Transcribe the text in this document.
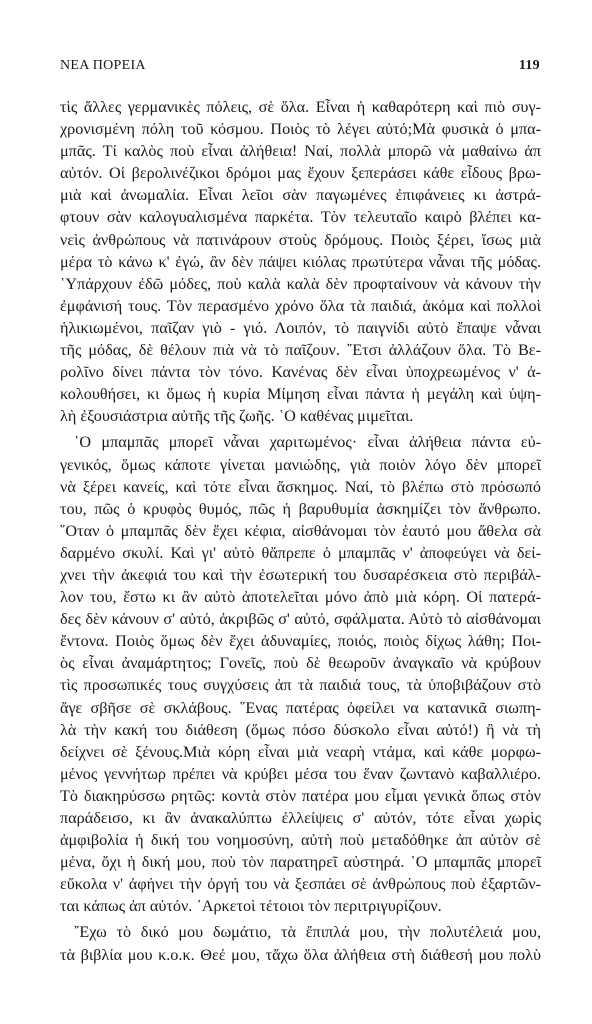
ΝΕΑ ΠΟΡΕΙΑ	119
τὶς ἄλλες γερμανικὲς πόλεις, σὲ ὅλα. Εἶναι ἡ καθαρότερη καὶ πιὸ συγ-
χρονισμένη πόλη τοῦ κόσμου. Ποιὸς τὸ λέγει αὐτό;Μὰ φυσικὰ ὁ μπα-
μπᾶς. Τί καλὸς ποὺ εἶναι ἀλήθεια! Ναί, πολλὰ μπορῶ νὰ μαθαίνω ἀπ
αὐτόν. Οἱ βερολινέζικοι δρόμοι μας ἔχουν ξεπεράσει κάθε εἶδους βρω-
μιὰ καὶ ἀνωμαλία. Εἶναι λεῖοι σὰν παγωμένες ἐπιφάνειες κι ἀστρά-
φτουν σὰν καλογυαλισμένα παρκέτα. Τὸν τελευταῖο καιρὸ βλέπει κα-
νεὶς ἀνθρώπους νὰ πατινάρουν στοὺς δρόμους. Ποιὸς ξέρει, ἴσως μιὰ
μέρα τὸ κάνω κ' ἐγώ, ἂν δὲν πάψει κιόλας πρωτύτερα νἆναι τῆς μόδας.
῾Υπάρχουν ἐδῶ μόδες, ποὺ καλὰ καλὰ δὲν προφταίνουν νὰ κάνουν τὴν
ἐμφάνισή τους. Τὸν περασμένο χρόνο ὅλα τὰ παιδιά, ἀκόμα καὶ πολλοὶ
ἡλικιωμένοι, παῖζαν γιὸ - γιό. Λοιπόν, τὸ παιγνίδι αὐτὸ ἔπαψε νἆναι
τῆς μόδας, δὲ θέλουν πιὰ νὰ τὸ παῖζουν. ῎Ετσι ἀλλάζουν ὅλα. Τὸ Βε-
ρολῖνο δίνει πάντα τὸν τόνο. Κανένας δὲν εἶναι ὑποχρεωμένος ν' ἀ-
κολουθήσει, κι ὅμως ἡ κυρία Μίμηση εἶναι πάντα ἡ μεγάλη καὶ ὑψη-
λὴ ἐξουσιάστρια αὐτῆς τῆς ζωῆς. ῾Ο καθένας μιμεῖται.
῾Ο μπαμπᾶς μπορεῖ νἆναι χαριτωμένος· εἶναι ἀλήθεια πάντα εὐ-
γενικός, ὅμως κάποτε γίνεται μανιώδης, γιὰ ποιὸν λόγο δὲν μπορεῖ
νὰ ξέρει κανείς, καὶ τότε εἶναι ἄσκημος. Ναί, τὸ βλέπω στὸ πρόσωπό
του, πῶς ὁ κρυφὸς θυμός, πῶς ἡ βαρυθυμία ἀσκημίζει τὸν ἄνθρωπο.
῞Οταν ὁ μπαμπᾶς δὲν ἔχει κέφια, αἰσθάνομαι τὸν ἑαυτό μου ἄθελα σὰ
δαρμένο σκυλί. Καὶ γι' αὐτὸ θἄπρεπε ὁ μπαμπᾶς ν' ἀποφεύγει νὰ δεί-
χνει τὴν ἀκεφιά του καὶ τὴν ἐσωτερική του δυσαρέσκεια στὸ περιβάλ-
λον του, ἔστω κι ἂν αὐτὸ ἀποτελεῖται μόνο ἀπὸ μιὰ κόρη. Οἱ πατερά-
δες δὲν κάνουν σ' αὐτό, ἀκριβῶς σ' αὐτό, σφάλματα. Αὐτὸ τὸ αἰσθάνομαι
ἔντονα. Ποιὸς ὅμως δὲν ἔχει ἀδυναμίες, ποιός, ποιὸς δίχως λάθη; Ποι-
ὸς εἶναι ἀναμάρτητος; Γονεῖς, ποὺ δὲ θεωροῦν ἀναγκαῖο νὰ κρύβουν
τὶς προσωπικές τους συγχύσεις ἀπ τὰ παιδιά τους, τὰ ὑποβιβάζουν στὸ
ἄγε σβῆσε σὲ σκλάβους. ῞Ενας πατέρας ὀφείλει να κατανικᾶ σιωπη-
λὰ τὴν κακή του διάθεση (ὅμως πόσο δύσκολο εἶναι αὐτό!) ἢ νὰ τὴ
δείχνει σὲ ξένους.Μιὰ κόρη εἶναι μιὰ νεαρὴ ντάμα, καὶ κάθε μορφω-
μένος γεννήτωρ πρέπει νὰ κρύβει μέσα του ἕναν ζωντανὸ καβαλλιέρο.
Τὸ διακηρύσσω ρητῶς: κοντὰ στὸν πατέρα μου εἶμαι γενικὰ ὅπως στὸν
παράδεισο, κι ἂν ἀνακαλύπτω ἐλλείψεις σ' αὐτόν, τότε εἶναι χωρὶς
ἀμφιβολία ἡ δική του νοημοσύνη, αὐτὴ ποὺ μεταδόθηκε ἀπ αὐτὸν σὲ
μένα, ὄχι ἡ δική μου, ποὺ τὸν παρατηρεῖ αὐστηρά. ῾Ο μπαμπᾶς μπορεῖ
εὔκολα ν' ἀφήνει τὴν ὀργή του νὰ ξεσπάει σὲ ἀνθρώπους ποὺ ἐξαρτῶν-
ται κάπως ἀπ αὐτόν. ᾿Αρκετοὶ τέτοιοι τὸν περιτριγυρίζουν.
῎Εχω τὸ δικό μου δωμάτιο, τὰ ἔπιπλά μου, τὴν πολυτέλειά μου,
τὰ βιβλία μου κ.ο.κ. Θεέ μου, τἄχω ὅλα ἀλήθεια στὴ διάθεσή μου πολὺ
